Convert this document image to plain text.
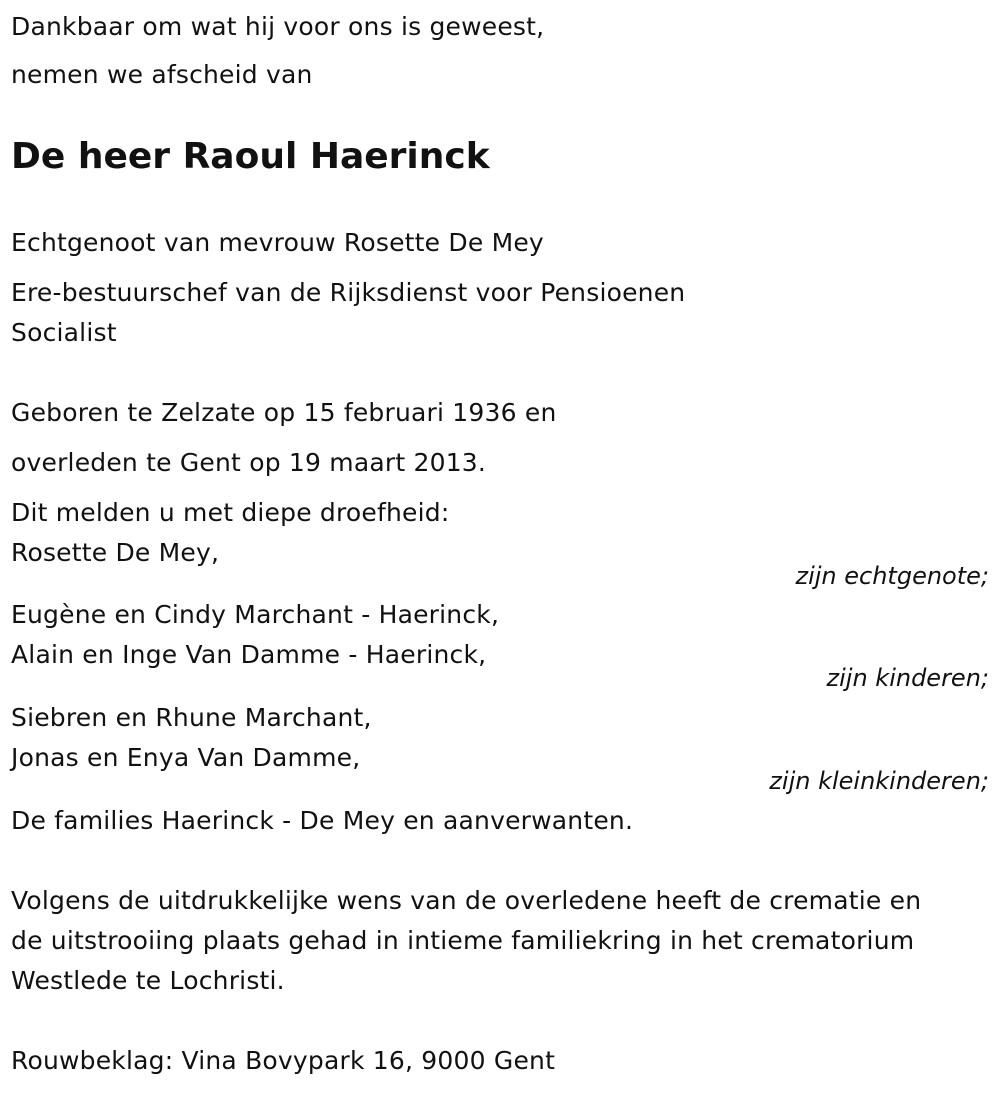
Dankbaar om wat hij voor ons is geweest,

nemen we afscheid van

De heer Raoul Haerinck

Echtgenoot van mevrouw Rosette De Mey

Ere-bestuurschef van de Rijksdienst voor Pensioenen

Socialist

Geboren te Zelzate op 15 februari 1936 en

overleden te Gent op 19 maart 2013.

Dit melden u met diepe droefheid:

Rosette De Mey,

zijn echtgenote;

Eugène en Cindy Marchant - Haerinck,

Alain en Inge Van Damme - Haerinck,

zijn kinderen;

Siebren en Rhune Marchant,

Jonas en Enya Van Damme,

zijn kleinkinderen;

De families Haerinck - De Mey en aanverwanten.

Volgens de uitdrukkelijke wens van de overledene heeft de crematie en

de uitstrooiing plaats gehad in intieme familiekring in het crematorium

Westlede te Lochristi.

Rouwbeklag: Vina Bovypark 16, 9000 Gent
